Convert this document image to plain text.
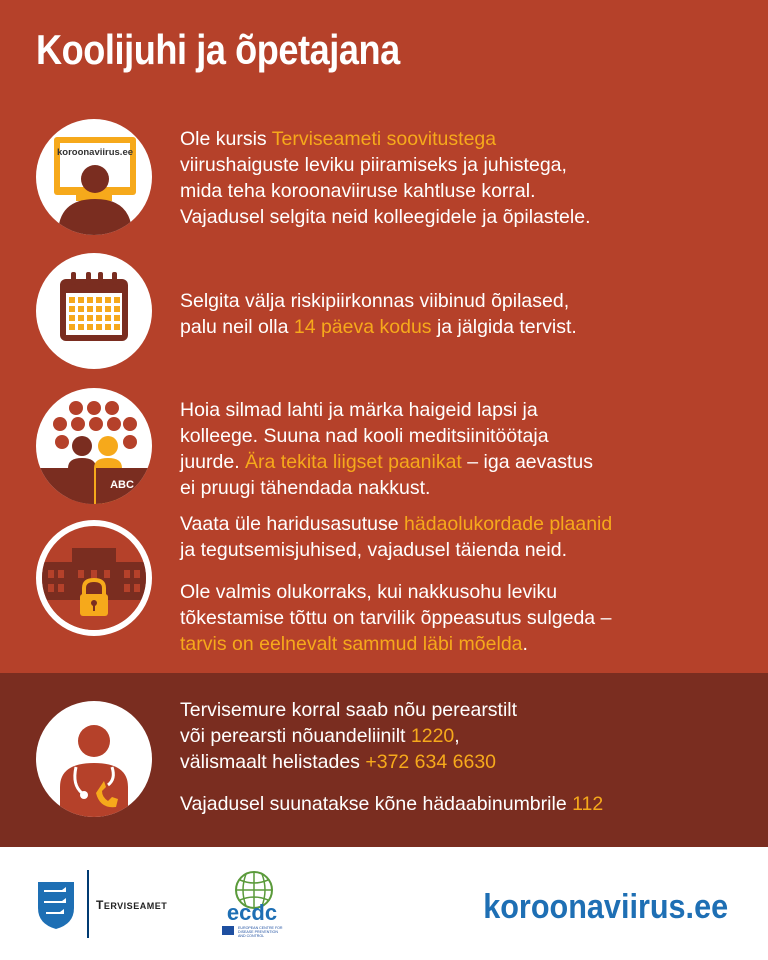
Koolijuhi ja õpetajana
koroonaviirus.ee

Ole kursis Terviseameti soovitustega

viirushaiguste leviku piiramiseks ja juhistega,

mida teha koroonaviiruse kahtluse korral.

Vajadusel selgita neid kolleegidele ja õpilastele.

Selgita välja riskipiirkonnas viibinud õpilased,

palu neil olla 14 päeva kodus ja jälgida tervist.

ABC

Hoia silmad lahti ja märka haigeid lapsi ja

kolleege. Suuna nad kooli meditsiinitöötaja

juurde. Ära tekita liigset paanikat – iga aevastus

ei pruugi tähendada nakkust.

Vaata üle haridusasutuse hädaolukordade plaanid

ja tegutsemisjuhised, vajadusel täienda neid.

Ole valmis olukorraks, kui nakkusohu leviku

tõkestamise tõttu on tarvilik õppeasutus sulgeda –

tarvis on eelnevalt sammud läbi mõelda.

Tervisemure korral saab nõu perearstilt

või perearsti nõuandeliinilt 1220,

välismaalt helistades +372 634 6630

Vajadusel suunatakse kõne hädaabinumbrile 112

TERVISEAMET	ecdc
EUROPEAN CENTRE FOR
DISEASE PREVENTION
AND CONTROL
koroonaviirus.ee
